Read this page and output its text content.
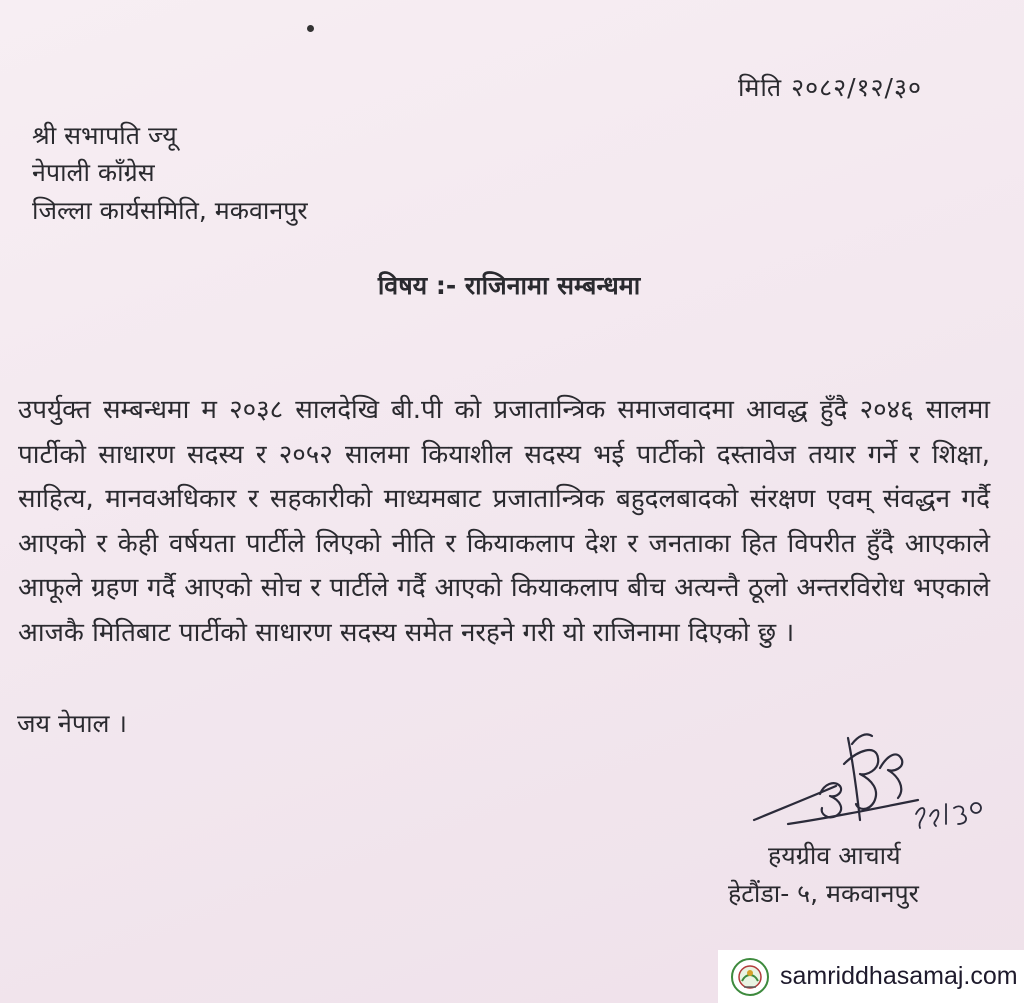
मिति २०८२/१२/३०
श्री सभापति ज्यू
नेपाली काँग्रेस
जिल्ला कार्यसमिति, मकवानपुर
विषय :- राजिनामा सम्बन्धमा
उपर्युक्त सम्बन्धमा म २०३८ सालदेखि बी.पी को प्रजातान्त्रिक समाजवादमा आवद्ध हुँदै २०४६ सालमा पार्टीको साधारण सदस्य र २०५२ सालमा कियाशील सदस्य भई पार्टीको दस्तावेज तयार गर्ने र शिक्षा, साहित्य, मानवअधिकार र सहकारीको माध्यमबाट प्रजातान्त्रिक बहुदलबादको संरक्षण एवम् संवद्धन गर्दै आएको र केही वर्षयता पार्टीले लिएको नीति र कियाकलाप देश र जनताका हित विपरीत हुँदै आएकाले आफूले ग्रहण गर्दै आएको सोच र पार्टीले गर्दै आएको कियाकलाप बीच अत्यन्तै ठूलो अन्तरविरोध भएकाले आजकै मितिबाट पार्टीको साधारण सदस्य समेत नरहने गरी यो राजिनामा दिएको छु ।
जय नेपाल ।
हयग्रीव आचार्य
हेटौंडा- ५, मकवानपुर
samriddhasamaj.com
